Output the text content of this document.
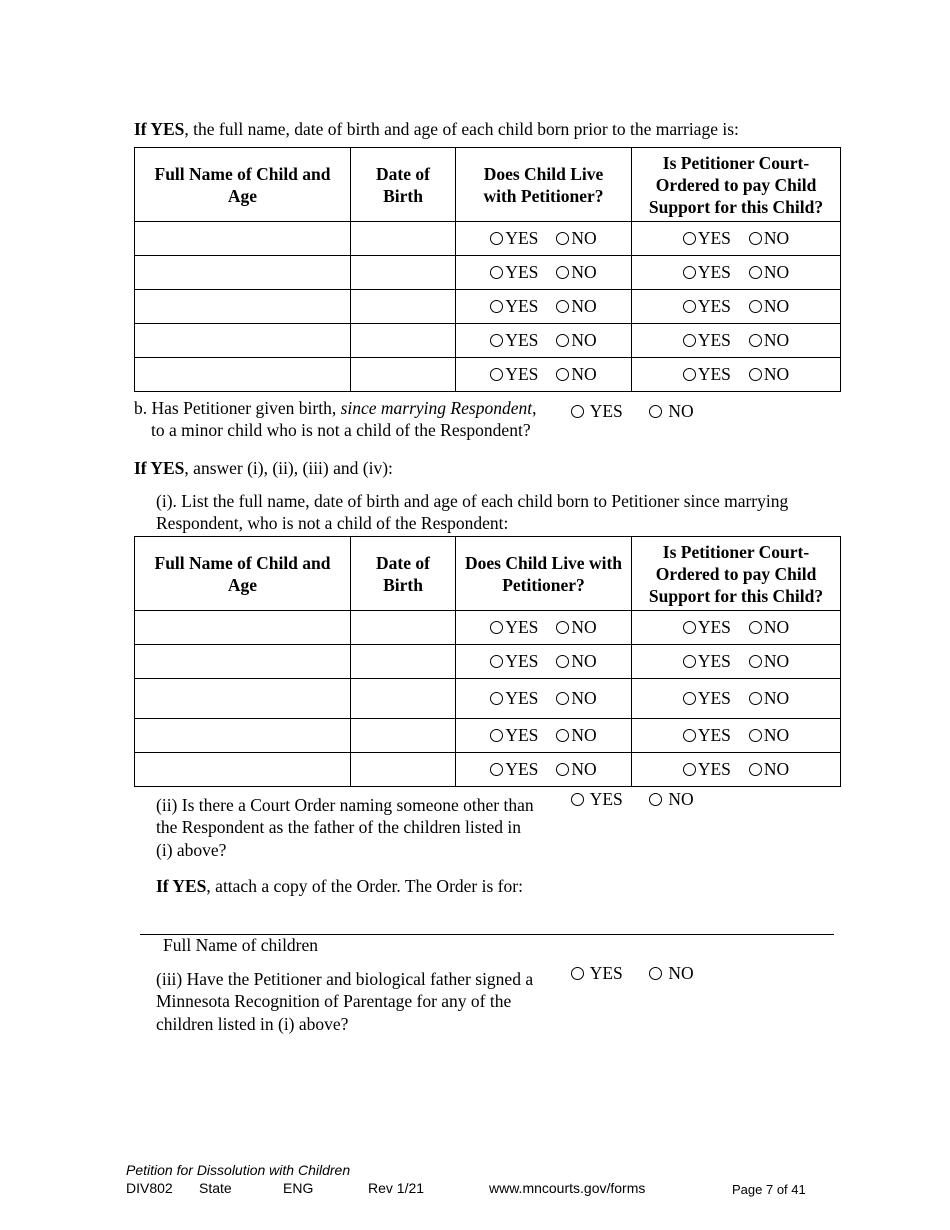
If YES, the full name, date of birth and age of each child born prior to the marriage is:
Full Name of Child and Age	Date of Birth	Does Child Live with Petitioner?	Is Petitioner Court-Ordered to pay Child Support for this Child?

		YES NO	YES NO
		YES NO	YES NO
		YES NO	YES NO
		YES NO	YES NO
		YES NO	YES NO
b. Has Petitioner given birth, since marrying Respondent,
to a minor child who is not a child of the Respondent?
YES	NO
If YES, answer (i), (ii), (iii) and (iv):
(i). List the full name, date of birth and age of each child born to Petitioner since marrying
Respondent, who is not a child of the Respondent:
Full Name of Child and Age	Date of Birth	Does Child Live with Petitioner?	Is Petitioner Court-Ordered to pay Child Support for this Child?

		YES NO	YES NO
		YES NO	YES NO
		YES NO	YES NO
		YES NO	YES NO
		YES NO	YES NO
(ii) Is there a Court Order naming someone other than
the Respondent as the father of the children listed in
(i) above?
YES	NO
If YES, attach a copy of the Order. The Order is for:
Full Name of children
(iii) Have the Petitioner and biological father signed a
Minnesota Recognition of Parentage for any of the
children listed in (i) above?
YES	NO
Petition for Dissolution with Children
DIV802 State	ENG	Rev 1/21	www.mncourts.gov/forms	Page 7 of 41
